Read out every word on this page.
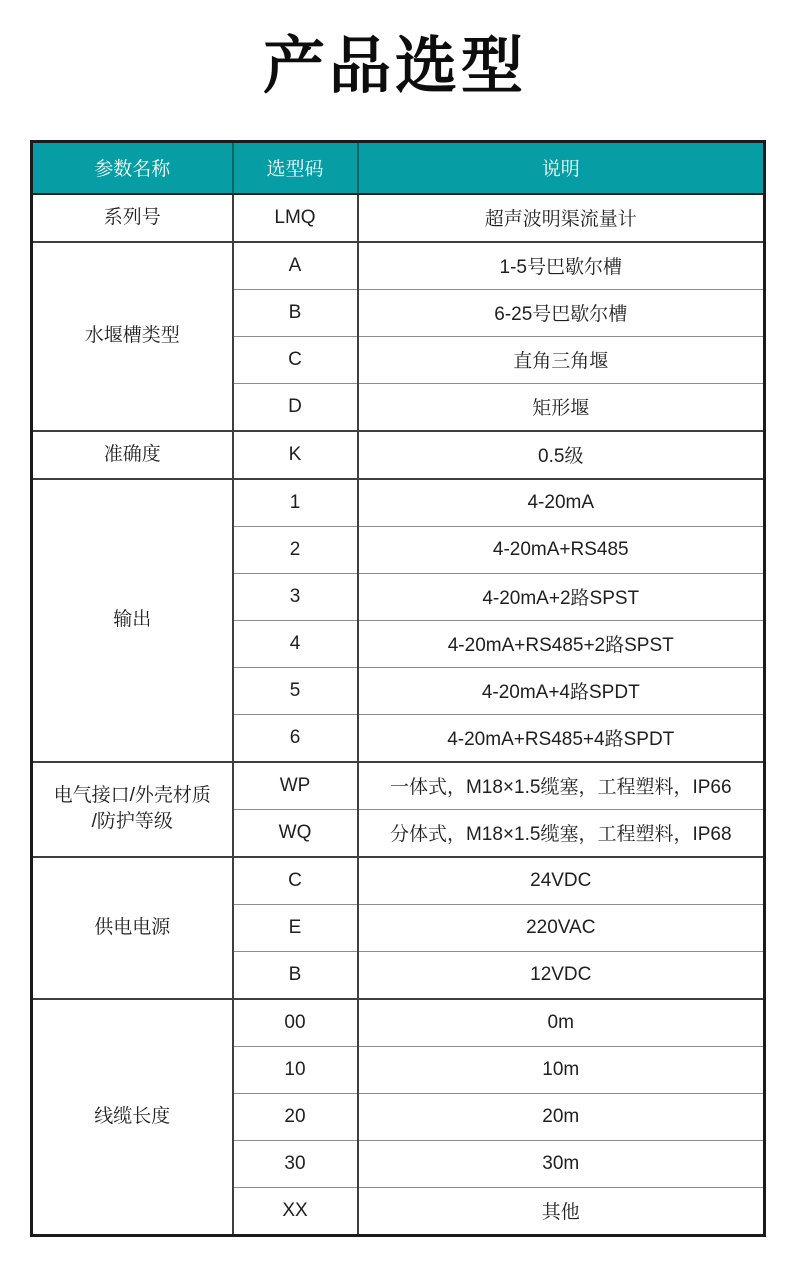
产品选型
参数名称	选型码	说明

系列号	LMQ	超声波明渠流量计

水堰槽类型	A	1-5号巴歇尔槽
	B	6-25号巴歇尔槽
	C	直角三角堰
	D	矩形堰

准确度	K	0.5级

输出	1	4-20mA
	2	4-20mA+RS485
	3	4-20mA+2路SPST
	4	4-20mA+RS485+2路SPST
	5	4-20mA+4路SPDT
	6	4-20mA+RS485+4路SPDT

电气接口/外壳材质
/防护等级	WP	一体式，M18×1.5缆塞，工程塑料，IP66
	WQ	分体式，M18×1.5缆塞，工程塑料，IP68

供电电源	C	24VDC
	E	220VAC
	B	12VDC

线缆长度	00	0m
	10	10m
	20	20m
	30	30m
	XX	其他
